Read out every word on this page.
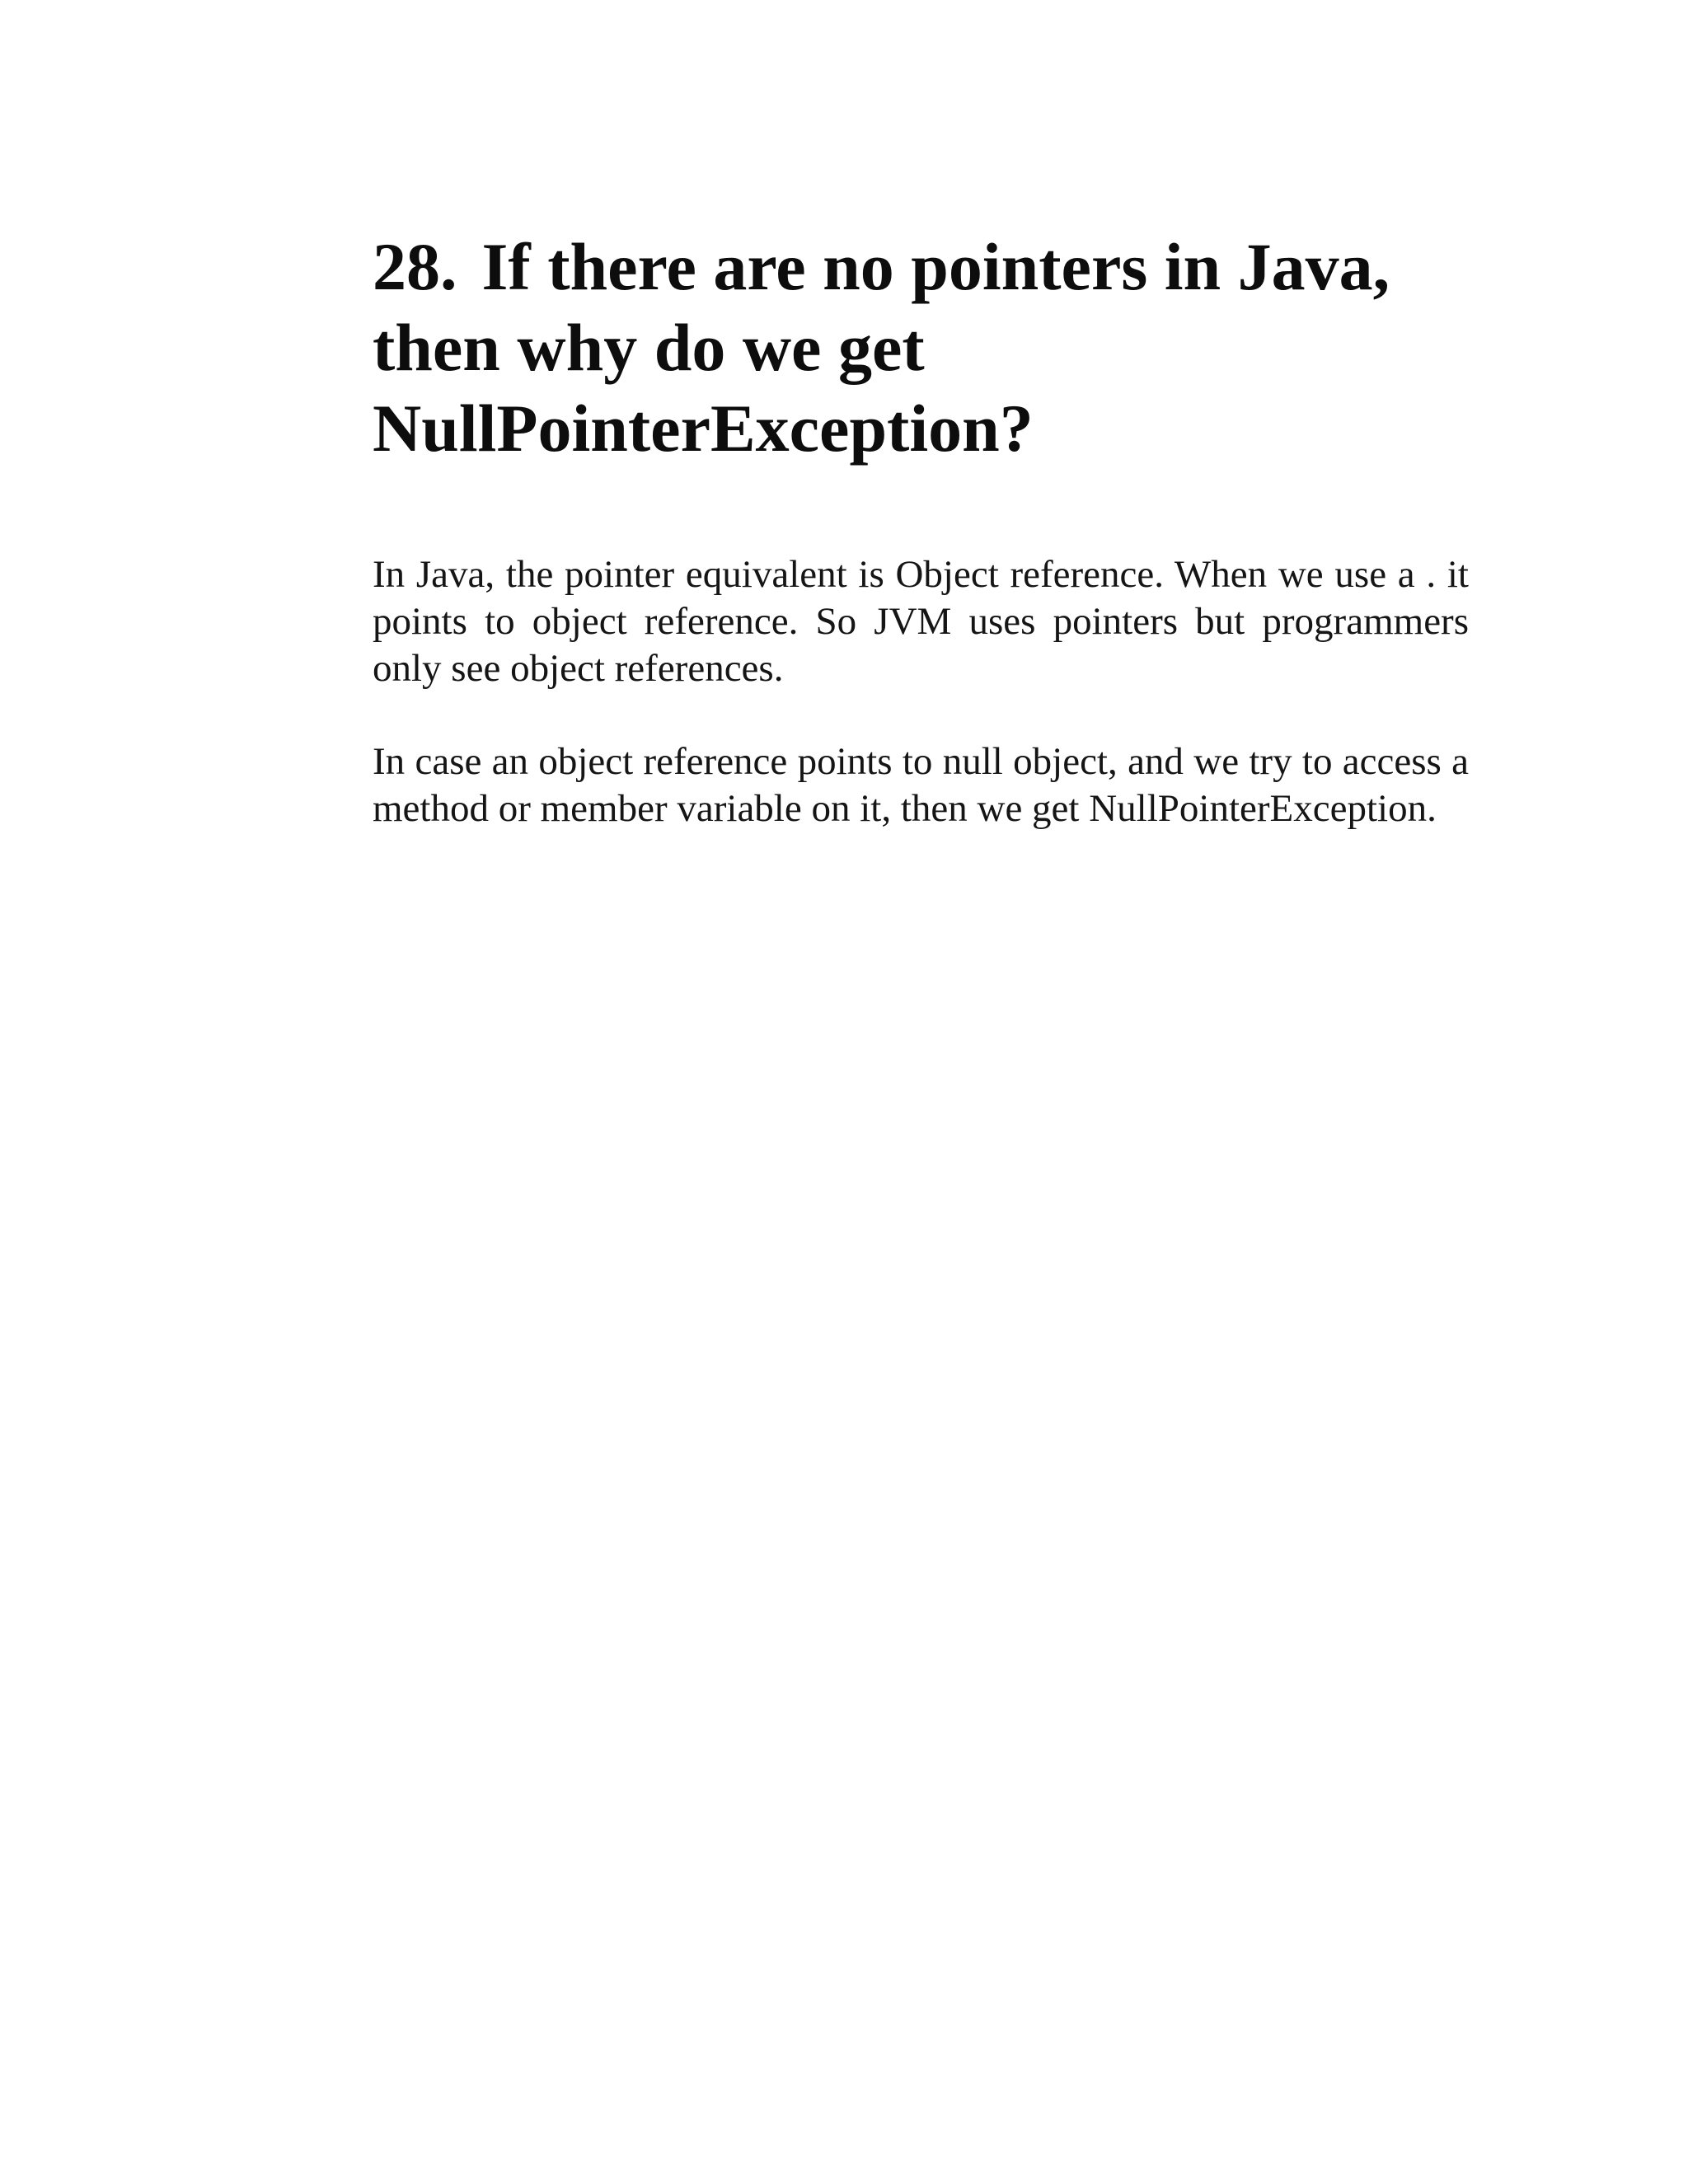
28. If there are no pointers in Java, then why do we get NullPointerException?

In Java, the pointer equivalent is Object reference. When we use a . it points to object reference. So JVM uses pointers but programmers only see object references.

In case an object reference points to null object, and we try to access a method or member variable on it, then we get NullPointerException.
